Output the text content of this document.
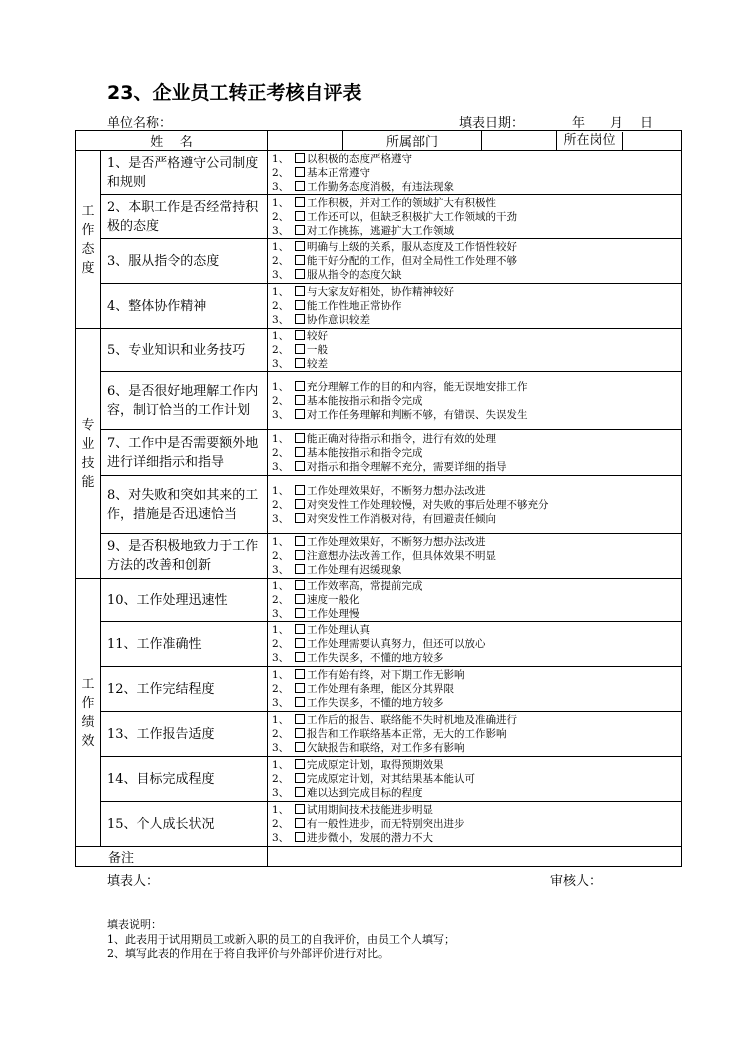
23、企业员工转正考核自评表
单位名称：	填表日期：	年 月 日
姓    名			所属部门		所在岗位

工作态度	1、是否严格遵守公司制度和规则	1、 以积极的态度严格遵守
2、 基本正常遵守
3、 工作勤务态度消极，有违法现象			

	2、本职工作是否经常持积极的态度	1、 工作积极，并对工作的领域扩大有积极性
2、 工作还可以，但缺乏积极扩大工作领域的干劲
3、 对工作挑拣，逃避扩大工作领域			

	3、服从指令的态度	1、 明确与上级的关系，服从态度及工作悟性较好
2、 能干好分配的工作，但对全局性工作处理不够
3、 服从指令的态度欠缺			

	4、整体协作精神	1、 与大家友好相处，协作精神较好
2、 能工作性地正常协作
3、 协作意识较差			

专业技能	5、专业知识和业务技巧	1、 较好
2、 一般
3、 较差			

	6、是否很好地理解工作内容，制订恰当的工作计划	1、 充分理解工作的目的和内容，能无误地安排工作
2、 基本能按指示和指令完成
3、 对工作任务理解和判断不够，有错误、失误发生			

	7、工作中是否需要额外地进行详细指示和指导	1、 能正确对待指示和指令，进行有效的处理
2、 基本能按指示和指令完成
3、 对指示和指令理解不充分，需要详细的指导			

	8、对失败和突如其来的工作，措施是否迅速恰当	1、 工作处理效果好，不断努力想办法改进
2、 对突发性工作处理较慢，对失败的事后处理不够充分
3、 对突发性工作消极对待，有回避责任倾向			

	9、是否积极地致力于工作方法的改善和创新	1、 工作处理效果好，不断努力想办法改进
2、 注意想办法改善工作，但具体效果不明显
3、 工作处理有迟缓现象			

工作绩效	10、工作处理迅速性	1、 工作效率高，常提前完成
2、 速度一般化
3、 工作处理慢			

	11、工作准确性	1、 工作处理认真
2、 工作处理需要认真努力，但还可以放心
3、 工作失误多，不懂的地方较多			

	12、工作完结程度	1、 工作有始有终，对下期工作无影响
2、 工作处理有条理，能区分其界限
3、 工作失误多，不懂的地方较多			

	13、工作报告适度	1、 工作后的报告、联络能不失时机地及准确进行
2、 报告和工作联络基本正常，无大的工作影响
3、 欠缺报告和联络，对工作多有影响			

	14、目标完成程度	1、 完成原定计划，取得预期效果
2、 完成原定计划，对其结果基本能认可
3、 难以达到完成目标的程度			

	15、个人成长状况	1、 试用期间技术技能进步明显
2、 有一般性进步，而无特别突出进步
3、 进步微小，发展的潜力不大			

备注					
填表人：	审核人：
填表说明：
1、此表用于试用期员工或新入职的员工的自我评价，由员工个人填写；
2、填写此表的作用在于将自我评价与外部评价进行对比。
